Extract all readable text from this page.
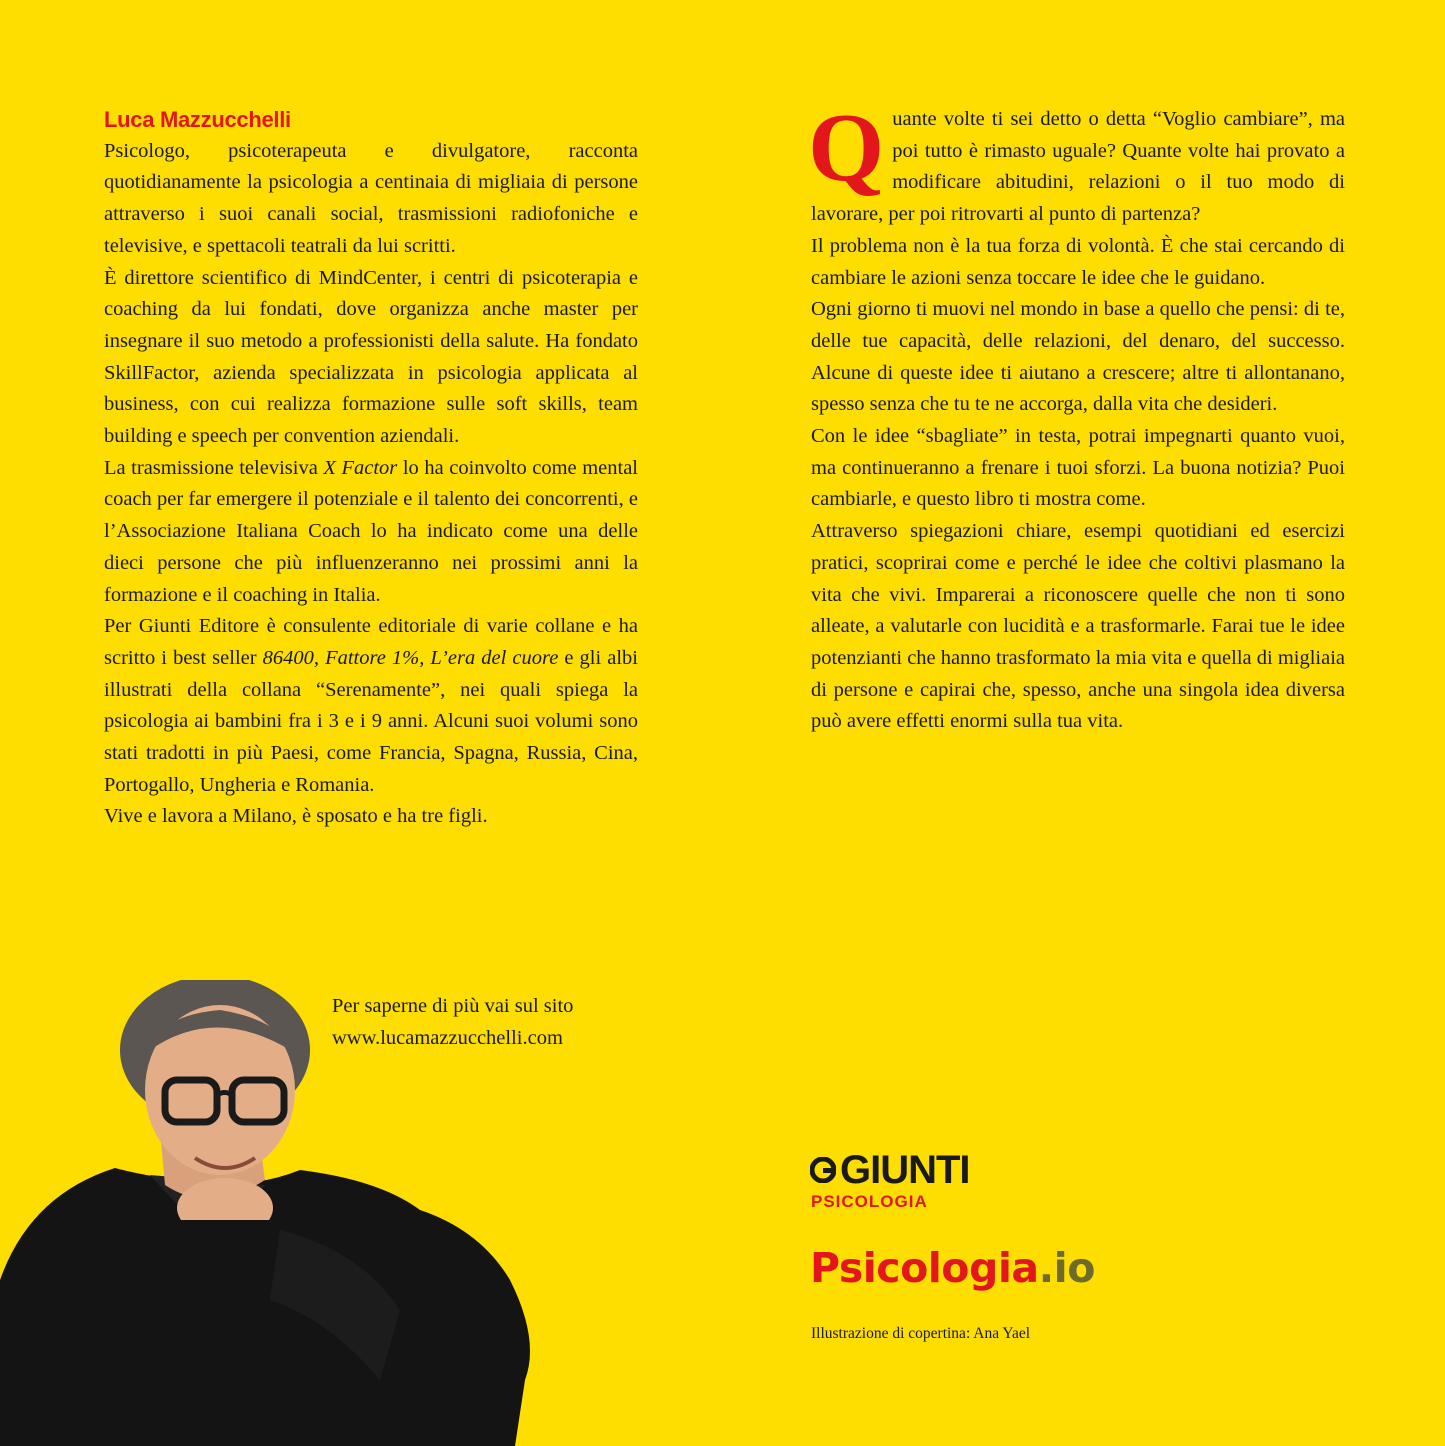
Luca Mazzucchelli

Psicologo, psicoterapeuta e divulgatore, racconta quotidianamente la psicologia a centinaia di migliaia di persone attraverso i suoi canali social, trasmissioni radiofoniche e televisive, e spettacoli teatrali da lui scritti.

È direttore scientifico di MindCenter, i centri di psicoterapia e coaching da lui fondati, dove organizza anche master per insegnare il suo metodo a professionisti della salute. Ha fondato SkillFactor, azienda specializzata in psicologia applicata al business, con cui realizza formazione sulle soft skills, team building e speech per convention aziendali.

La trasmissione televisiva X Factor lo ha coinvolto come mental coach per far emergere il potenziale e il talento dei concorrenti, e l’Associazione Italiana Coach lo ha indicato come una delle dieci persone che più influenzeranno nei prossimi anni la formazione e il coaching in Italia.

Per Giunti Editore è consulente editoriale di varie collane e ha scritto i best seller 86400, Fattore 1%, L’era del cuore e gli albi illustrati della collana “Serenamente”, nei quali spiega la psicologia ai bambini fra i 3 e i 9 anni. Alcuni suoi volumi sono stati tradotti in più Paesi, come Francia, Spagna, Russia, Cina, Portogallo, Ungheria e Romania.

Vive e lavora a Milano, è sposato e ha tre figli.

Per saperne di più vai sul sito
www.lucamazzucchelli.com

Quante volte ti sei detto o detta “Voglio cambiare”, ma poi tutto è rimasto uguale? Quante volte hai provato a modificare abitudini, relazioni o il tuo modo di lavorare, per poi ritrovarti al punto di partenza?

Il problema non è la tua forza di volontà. È che stai cercando di cambiare le azioni senza toccare le idee che le guidano.

Ogni giorno ti muovi nel mondo in base a quello che pensi: di te, delle tue capacità, delle relazioni, del denaro, del successo. Alcune di queste idee ti aiutano a crescere; altre ti allontanano, spesso senza che tu te ne accorga, dalla vita che desideri.

Con le idee “sbagliate” in testa, potrai impegnarti quanto vuoi, ma continueranno a frenare i tuoi sforzi. La buona notizia? Puoi cambiarle, e questo libro ti mostra come.

Attraverso spiegazioni chiare, esempi quotidiani ed esercizi pratici, scoprirai come e perché le idee che coltivi plasmano la vita che vivi. Imparerai a riconoscere quelle che non ti sono alleate, a valutarle con lucidità e a trasformarle. Farai tue le idee potenzianti che hanno trasformato la mia vita e quella di migliaia di persone e capirai che, spesso, anche una singola idea diversa può avere effetti enormi sulla tua vita.

GIUNTI
PSICOLOGIA
Psicologia.io
Illustrazione di copertina: Ana Yael
